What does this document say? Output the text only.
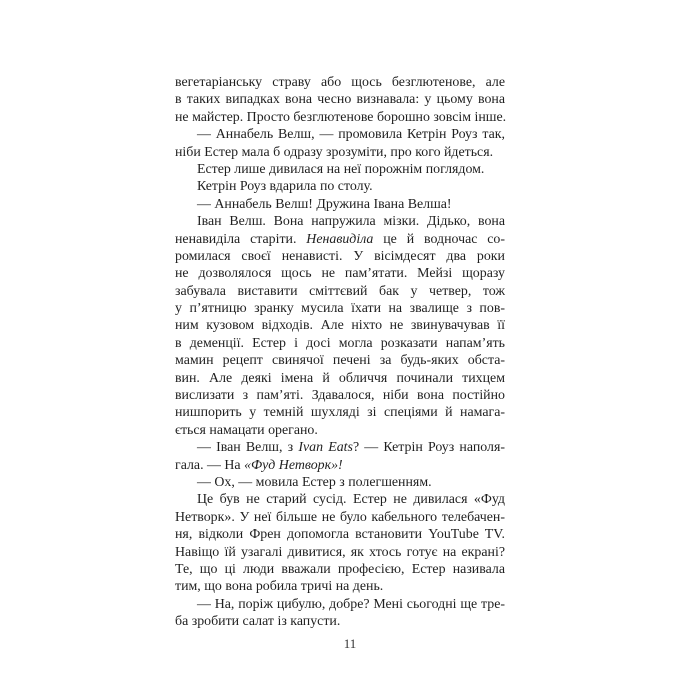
вегетаріанську страву або щось безглютенове, але
в таких випадках вона чесно визнавала: у цьому вона
не майстер. Просто безглютенове борошно зовсім інше.
— Аннабель Велш, — промовила Кетрін Роуз так,
ніби Естер мала б одразу зрозуміти, про кого йдеться.
Естер лише дивилася на неї порожнім поглядом.
Кетрін Роуз вдарила по столу.
— Аннабель Велш! Дружина Івана Велша!
Іван Велш. Вона напружила мізки. Дідько, вона
ненавиділа старіти. Ненавиділа це й водночас со-
ромилася своєї ненависті. У вісімдесят два роки
не дозволялося щось не пам’ятати. Мейзі щоразу
забувала виставити сміттєвий бак у четвер, тож
у п’ятницю зранку мусила їхати на звалище з пов-
ним кузовом відходів. Але ніхто не звинувачував її
в деменції. Естер і досі могла розказати напам’ять
мамин рецепт свинячої печені за будь-яких обста-
вин. Але деякі імена й обличчя починали тихцем
вислизати з пам’яті. Здавалося, ніби вона постійно
нишпорить у темній шухляді зі спеціями й намага-
ється намацати орегано.
— Іван Велш, з Ivan Eats? — Кетрін Роуз наполя-
гала. — На «Фуд Нетворк»!
— Ох, — мовила Естер з полегшенням.
Це був не старий сусід. Естер не дивилася «Фуд
Нетворк». У неї більше не було кабельного телебачен-
ня, відколи Френ допомогла встановити YouTube TV.
Навіщо їй узагалі дивитися, як хтось готує на екрані?
Те, що ці люди вважали професією, Естер називала
тим, що вона робила тричі на день.
— На, поріж цибулю, добре? Мені сьогодні ще тре-
ба зробити салат із капусти.
11
